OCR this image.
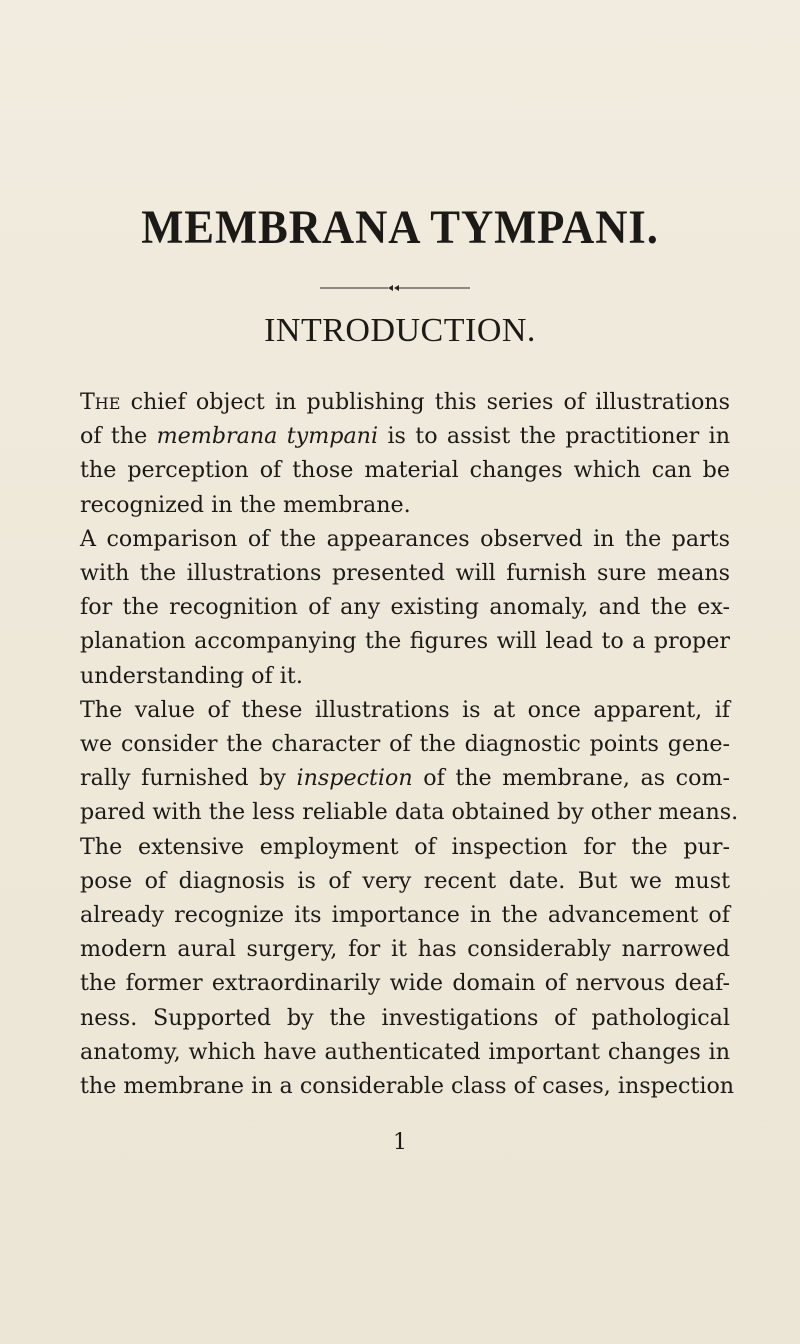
MEMBRANA TYMPANI.
INTRODUCTION.
The chief object in publishing this series of illustrations
of the membrana tympani is to assist the practitioner in
the perception of those material changes which can be
recognized in the membrane.
A comparison of the appearances observed in the parts
with the illustrations presented will furnish sure means
for the recognition of any existing anomaly, and the ex-
planation accompanying the figures will lead to a proper
understanding of it.
The value of these illustrations is at once apparent, if
we consider the character of the diagnostic points gene-
rally furnished by inspection of the membrane, as com-
pared with the less reliable data obtained by other means.
The extensive employment of inspection for the pur-
pose of diagnosis is of very recent date. But we must
already recognize its importance in the advancement of
modern aural surgery, for it has considerably narrowed
the former extraordinarily wide domain of nervous deaf-
ness. Supported by the investigations of pathological
anatomy, which have authenticated important changes in
the membrane in a considerable class of cases, inspection
1
